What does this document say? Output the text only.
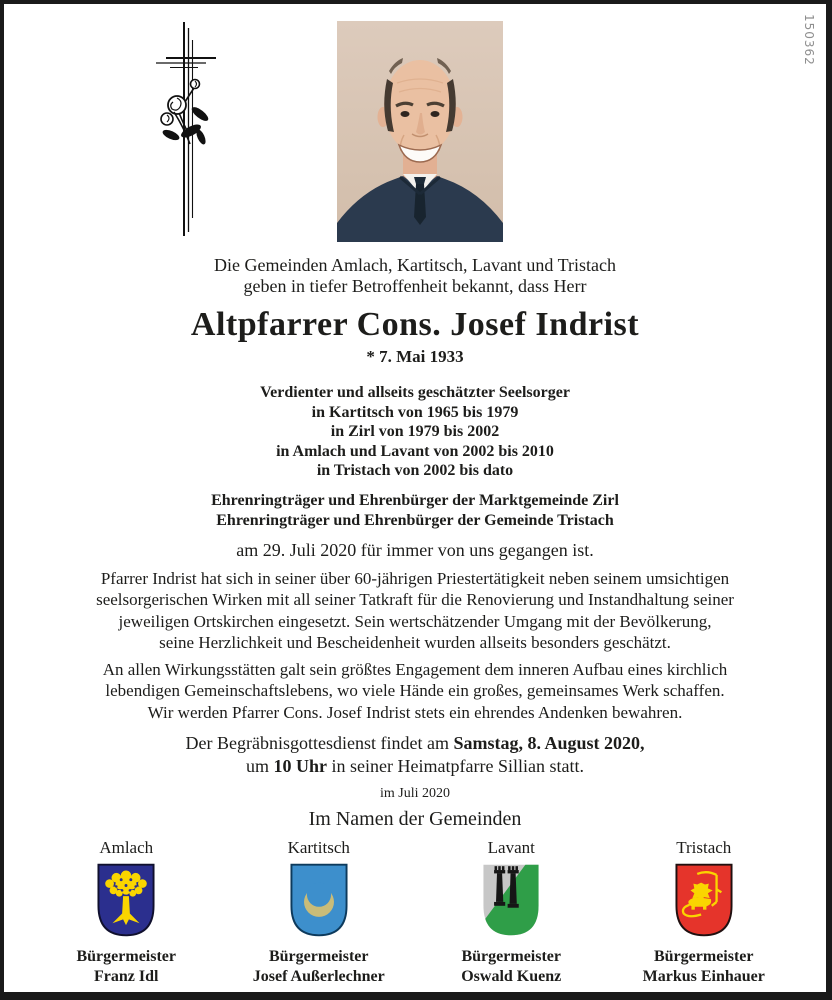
150362
Die Gemeinden Amlach, Kartitsch, Lavant und Tristach
geben in tiefer Betroffenheit bekannt, dass Herr
Altpfarrer Cons. Josef Indrist
* 7. Mai 1933
Verdienter und allseits geschätzter Seelsorger
in Kartitsch von 1965 bis 1979
in Zirl von 1979 bis 2002
in Amlach und Lavant von 2002 bis 2010
in Tristach von 2002 bis dato
Ehrenringträger und Ehrenbürger der Marktgemeinde Zirl
Ehrenringträger und Ehrenbürger der Gemeinde Tristach
am 29. Juli 2020 für immer von uns gegangen ist.
Pfarrer Indrist hat sich in seiner über 60-jährigen Priestertätigkeit neben seinem umsichtigen
seelsorgerischen Wirken mit all seiner Tatkraft für die Renovierung und Instandhaltung seiner
jeweiligen Ortskirchen eingesetzt. Sein wertschätzender Umgang mit der Bevölkerung,
seine Herzlichkeit und Bescheidenheit wurden allseits besonders geschätzt.
An allen Wirkungsstätten galt sein größtes Engagement dem inneren Aufbau eines kirchlich
lebendigen Gemeinschaftslebens, wo viele Hände ein großes, gemeinsames Werk schaffen.
Wir werden Pfarrer Cons. Josef Indrist stets ein ehrendes Andenken bewahren.
Der Begräbnisgottesdienst findet am Samstag, 8. August 2020,
um 10 Uhr in seiner Heimatpfarre Sillian statt.
im Juli 2020
Im Namen der Gemeinden
Amlach
Bürgermeister
Franz Idl
Kartitsch
Bürgermeister
Josef Außerlechner
Lavant
Bürgermeister
Oswald Kuenz
Tristach
Bürgermeister
Markus Einhauer
